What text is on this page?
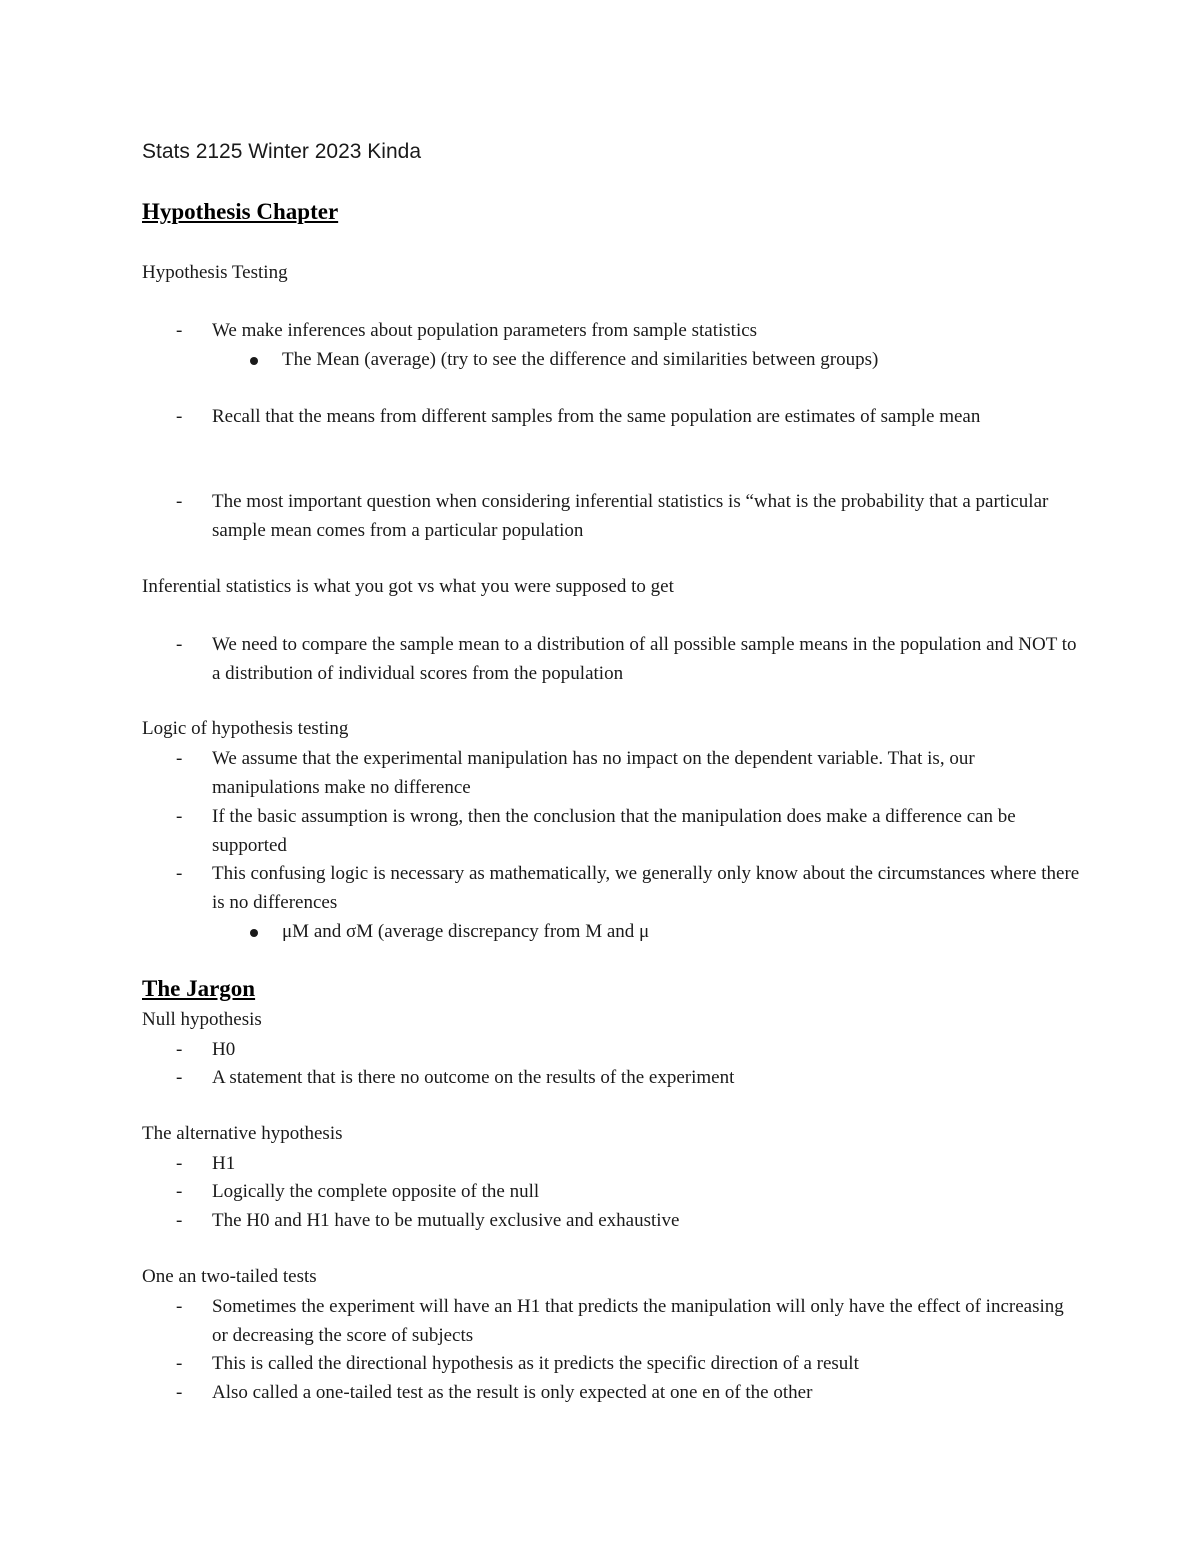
Stats 2125 Winter 2023 Kinda
Hypothesis Chapter
Hypothesis Testing
- We make inferences about population parameters from sample statistics
The Mean (average) (try to see the difference and similarities between groups)
- Recall that the means from different samples from the same population are estimates of sample mean
- The most important question when considering inferential statistics is “what is the probability that a particular sample mean comes from a particular population
Inferential statistics is what you got vs what you were supposed to get
- We need to compare the sample mean to a distribution of all possible sample means in the population and NOT to a distribution of individual scores from the population
Logic of hypothesis testing
- We assume that the experimental manipulation has no impact on the dependent variable. That is, our manipulations make no difference
- If the basic assumption is wrong, then the conclusion that the manipulation does make a difference can be supported
- This confusing logic is necessary as mathematically, we generally only know about the circumstances where there is no differences
μM and σM (average discrepancy from M and μ
The Jargon
Null hypothesis
- H0
- A statement that is there no outcome on the results of the experiment
The alternative hypothesis
- H1
- Logically the complete opposite of the null
- The H0 and H1 have to be mutually exclusive and exhaustive
One an two-tailed tests
- Sometimes the experiment will have an H1 that predicts the manipulation will only have the effect of increasing or decreasing the score of subjects
- This is called the directional hypothesis as it predicts the specific direction of a result
- Also called a one-tailed test as the result is only expected at one en of the other
